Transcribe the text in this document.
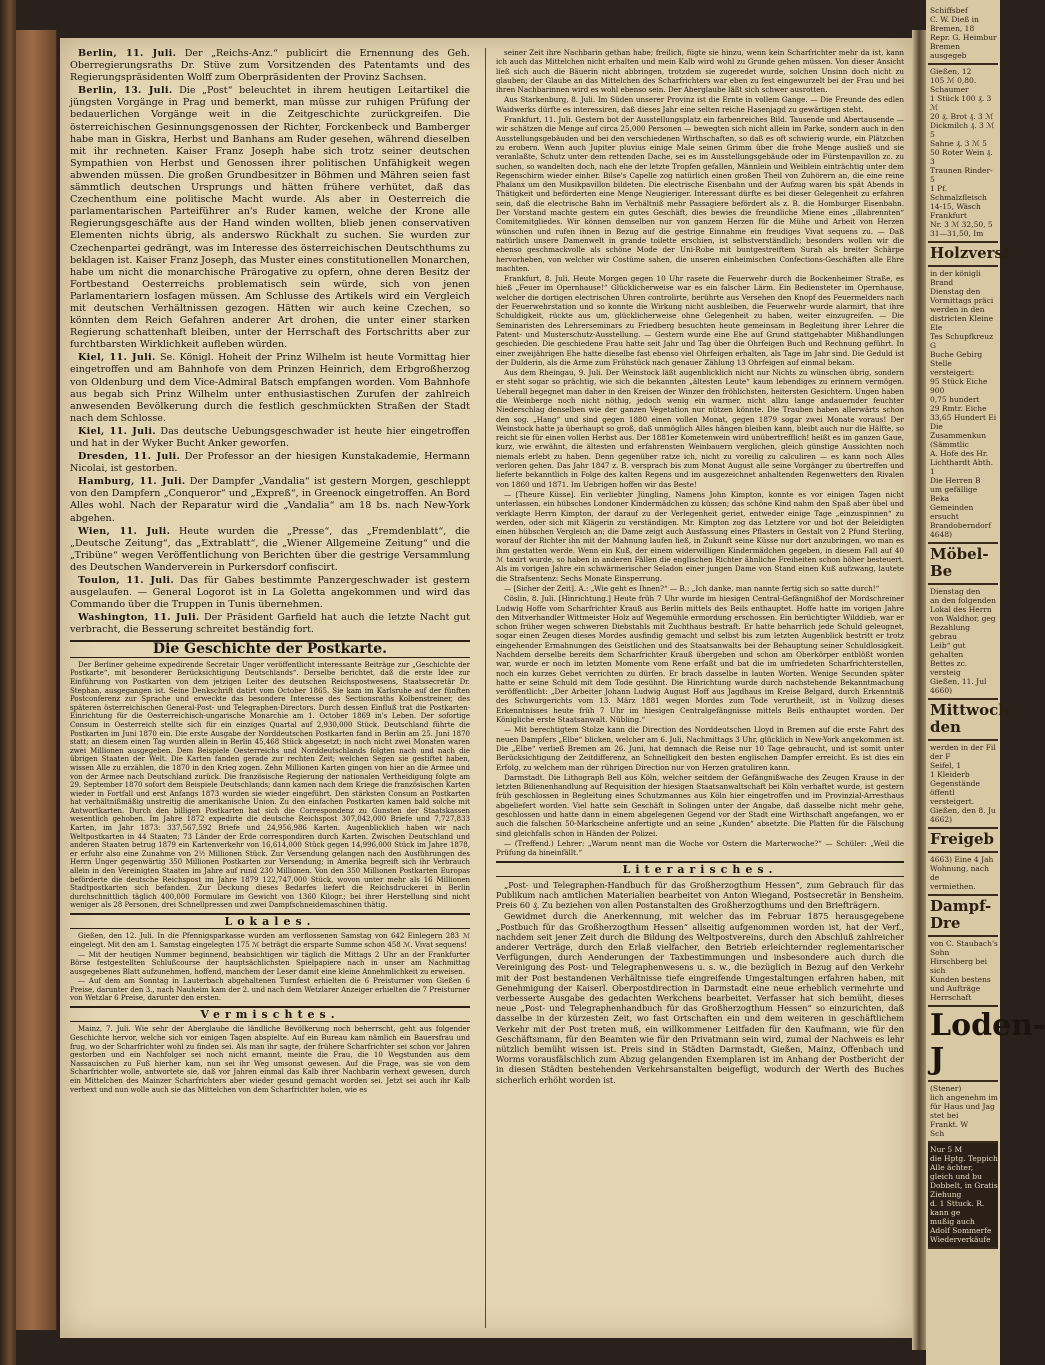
Berlin, 11. Juli. Der „Reichs-Anz.“ publicirt die Ernennung des Geh. Oberregierungsraths Dr. Stüve zum Vorsitzenden des Patentamts und des Regierungspräsidenten Wolff zum Oberpräsidenten der Provinz Sachsen.

Berlin, 13. Juli. Die „Post“ beleuchtet in ihrem heutigen Leitartikel die jüngsten Vorgänge in Prag und bemerkt, man müsse zur ruhigen Prüfung der bedauerlichen Vorgänge weit in die Zeitgeschichte zurückgreifen. Die österreichischen Gesinnungsgenossen der Richter, Forckenbeck und Bamberger habe man in Giskra, Herbst und Banhans am Ruder gesehen, während dieselben mit ihr rechneten. Kaiser Franz Joseph habe sich trotz seiner deutschen Sympathien von Herbst und Genossen ihrer politischen Unfähigkeit wegen abwenden müssen. Die großen Grundbesitzer in Böhmen und Mähren seien fast sämmtlich deutschen Ursprungs und hätten frühere verhütet, daß das Czechenthum eine politische Macht wurde. Als aber in Oesterreich die parlamentarischen Parteiführer an's Ruder kamen, welche der Krone alle Regierungsgeschäfte aus der Hand winden wollten, blieb jenen conservativen Elementen nichts übrig, als anderswo Rückhalt zu suchen. Sie wurden zur Czechenpartei gedrängt, was im Interesse des österreichischen Deutschthums zu beklagen ist. Kaiser Franz Joseph, das Muster eines constitutionellen Monarchen, habe um nicht die monarchische Prärogative zu opfern, ohne deren Besitz der Fortbestand Oesterreichs problematisch sein würde, sich von jenen Parlamentariern losfagen müssen. Am Schlusse des Artikels wird ein Vergleich mit deutschen Verhältnissen gezogen. Hätten wir auch keine Czechen, so könnten dem Reich Gefahren anderer Art drohen, die unter einer starken Regierung schattenhaft bleiben, unter der Herrschaft des Fortschritts aber zur furchtbarsten Wirklichkeit aufleben würden.

Kiel, 11. Juli. Se. Königl. Hoheit der Prinz Wilhelm ist heute Vormittag hier eingetroffen und am Bahnhofe von dem Prinzen Heinrich, dem Erbgroßherzog von Oldenburg und dem Vice-Admiral Batsch empfangen worden. Vom Bahnhofe aus begab sich Prinz Wilhelm unter enthusiastischen Zurufen der zahlreich anwesenden Bevölkerung durch die festlich geschmückten Straßen der Stadt nach dem Schlosse.

Kiel, 11. Juli. Das deutsche Uebungsgeschwader ist heute hier eingetroffen und hat in der Wyker Bucht Anker geworfen.

Dresden, 11. Juli. Der Professor an der hiesigen Kunstakademie, Hermann Nicolai, ist gestorben.

Hamburg, 11. Juli. Der Dampfer „Vandalia“ ist gestern Morgen, geschleppt von den Dampfern „Conqueror“ und „Expreß“, in Greenock eingetroffen. An Bord Alles wohl. Nach der Reparatur wird die „Vandalia“ am 18 bs. nach New-York abgehen.

Wien, 11. Juli. Heute wurden die „Presse“, das „Fremdenblatt“, die „Deutsche Zeitung“, das „Extrablatt“, die „Wiener Allgemeine Zeitung“ und die „Tribüne“ wegen Veröffentlichung von Berichten über die gestrige Versammlung des Deutschen Wanderverein in Purkersdorf confiscirt.

Toulon, 11. Juli. Das für Gabes bestimmte Panzergeschwader ist gestern ausgelaufen. — General Logorot ist in La Goletta angekommen und wird das Commando über die Truppen in Tunis übernehmen.

Washington, 11. Juli. Der Präsident Garfield hat auch die letzte Nacht gut verbracht, die Besserung schreitet beständig fort.

Die Geschichte der Postkarte.

Der Berliner geheime expedirende Secretair Unger veröffentlicht interessante Beiträge zur „Geschichte der Postkarte“, mit besonderer Berücksichtigung Deutschlands“. Derselbe berichtet, daß die erste Idee zur Einführung von Postkarten von dem jetzigen Leiter des deutschen Reichspostwesens, Staatssecretär Dr. Stephan, ausgegangen ist. Seine Denkschrift datirt vom October 1865. Sie kam im Karlsruhe auf der fünften Postconferenz zur Sprache und erweckte das besondere Interesse des Sectionsraths Kolbenstreiner, des späteren österreichischen General-Post- und Telegraphen-Directors. Durch dessen Einfluß trat die Postkarten-Einrichtung für die Oesterreichisch-ungarische Monarchie am 1. October 1869 in's Leben. Der sofortige Consum in Oesterreich stellte sich für ein einziges Quartal auf 2,930,000 Stück. Deutschland führte die Postkarten im Juni 1870 ein. Die erste Ausgabe der Norddeutschen Postkarten fand in Berlin am 25. Juni 1870 statt; an diesem einen Tag wurden allein in Berlin 45,468 Stück abgesetzt; in noch nicht zwei Monaten waren zwei Millionen ausgegeben. Dem Beispiele Oesterreichs und Norddeutschlands folgten nach und nach die übrigen Staaten der Welt. Die Karten fanden gerade zur rechten Zeit; welchen Segen sie gestiftet haben, wissen Alle zu erzählen, die 1870 in den Krieg zogen. Zehn Millionen Karten gingen von hier an die Armee und von der Armee nach Deutschland zurück. Die französische Regierung der nationalen Vertheidigung folgte am 29. September 1870 sofort dem Beispiele Deutschlands; dann kamen nach dem Kriege die französischen Karten wieder in Fortfall und erst Anfangs 1873 wurden sie wieder eingeführt. Den stärksten Consum an Postkarten hat verhältnißmäßig unstreitig die amerikanische Union. Zu den einfachen Postkarten kamen bald solche mit Antwortkarten. Durch den billigen Postkarten hat sich die Correspondenz zu Gunsten der Staatskassen wesentlich gehoben. Im Jahre 1872 expedirte die deutsche Reichspost 307,042,000 Briefe und 7,727,833 Karten, im Jahr 1873: 337,567,592 Briefe und 24,956,986 Karten. Augenblicklich haben wir nach Weltpostkarten in 44 Staaten; 73 Länder der Erde correspondiren durch Karten. Zwischen Deutschland und anderen Staaten betrug 1879 ein Kartenverkehr von 16,614,000 Stück gegen 14,996,000 Stück im Jahre 1878, er erfuhr also eine Zunahme von 2½ Millionen Stück. Zur Versendung gelangen nach den Ausführungen des Herrn Unger gegenwärtig 350 Millionen Postkarten zur Versendung; in Amerika begreift sich ihr Verbrauch allein in den Vereinigten Staaten im Jahre auf rund 230 Millionen. Von den 350 Millionen Postkarten Europas beförderte die deutsche Reichspost im Jahre 1879 122,747,000 Stück, wovon unter mehr als 16 Millionen Stadtpostkarten sich befanden. Zur Deckung dieses Bedarfes liefert die Reichsdruckerei in Berlin durchschnittlich täglich 400,000 Formulare im Gewicht von 1360 Kilogr.; bei ihrer Herstellung sind nicht weniger als 28 Personen, drei Schnellpressen und zwei Dampfschneidemaschinen thätig.

Lokales.

Gießen, den 12. Juli. In die Pfennigsparkasse wurden am verflossenen Samstag von 642 Einlegern 283 ℳ eingelegt. Mit den am 1. Samstag eingelegten 175 ℳ beträgt die ersparte Summe schon 458 ℳ. Vivat sequens!

— Mit der heutigen Nummer beginnend, beabsichtigen wir täglich die Mittags 2 Uhr an der Frankfurter Börse festgestellten Schlußcourse der hauptsächlichsten Spielpapiere nach in unser am Nachmittag ausgegebenes Blatt aufzunehmen, hoffend, manchem der Leser damit eine kleine Annehmlichkeit zu erweisen.

— Auf dem am Sonntag in Lauterbach abgehaltenen Turnfest erhielten die 6 Preisturner vom Gießen 6 Preise, darunter den 3., nach Nauheim kam der 2. und nach dem Wetzlarer Anzeiger erhielten die 7 Preisturner von Wetzlar 6 Preise, darunter den ersten.

Vermischtes.

Mainz, 7. Juli. Wie sehr der Aberglaube die ländliche Bevölkerung noch beherrscht, geht aus folgender Geschichte hervor, welche sich vor einigen Tagen abspielte. Auf ein Bureau kam nämlich ein Bauersfrau und frug, wo der Scharfrichter wohl zu finden sei. Als man ihr sagte, der frühere Scharfrichter sei schon vor Jahren gestorben und ein Nachfolger sei noch nicht ernannt, meinte die Frau, die 10 Wegstunden aus dem Nassauischen zu Fuß hierher kam, nun sei ihr Weg umsonst gewesen. Auf die Frage, was sie von dem Scharfrichter wolle, antwortete sie, daß vor Jahren einmal das Kalb ihrer Nachbarin verhext gewesen, durch ein Mittelchen des Mainzer Scharfrichters aber wieder gesund gemacht worden sei. Jetzt sei auch ihr Kalb verhext und nun wolle auch sie das Mittelchen von dem Scharfrichter holen, wie es

seiner Zeit ihre Nachbarin gethan habe; freilich, fügte sie hinzu, wenn kein Scharfrichter mehr da ist, kann ich auch das Mittelchen nicht erhalten und mein Kalb wird wohl zu Grunde gehen müssen. Von dieser Ansicht ließ sich auch die Bäuerin nicht abbringen, trotzdem sie zugeredet wurde, solchen Unsinn doch nicht zu glauben; der Glaube an das Mittelchen des Scharfrichters war eben zu fest eingewurzelt bei der Frau und bei ihren Nachbarinnen wird es wohl ebenso sein. Der Aberglaube läßt sich schwer ausrotten.

Aus Starkenburg, 8. Juli. Im Süden unserer Provinz ist die Ernte in vollem Gange. — Die Freunde des edlen Waidwerks dürfte es interessiren, daß dieses Jahr eine selten reiche Hasenjagd zu gewärtigen steht.

Frankfurt, 11. Juli. Gestern bot der Ausstellungsplatz ein farbenreiches Bild. Tausende und Abertausende — wir schätzen die Menge auf circa 25,000 Personen — bewegten sich nicht allein im Parke, sondern auch in den Ausstellungsgebäuden und bei den verschiedenen Wirthschaften, so daß es oft schwierig wurde, ein Plätzchen zu erobern. Wenn auch Jupiter pluvius einige Male seinen Grimm über die frohe Menge ausließ und sie veranlaßte, Schutz unter dem rettenden Dache, sei es im Ausstellungsgebäude oder im Fürstenpavillon zc. zu suchen, so wandelten doch, nach ehe der letzte Tropfen gefallen, Männlein und Weiblein einträchtig unter dem Regenschirm wieder einher. Bilse's Capelle zog natürlich einen großen Theil von Zuhörern an, die eine reine Phalanx um den Musikpavillon bildeten. Die electrische Eisenbahn und der Aufzug waren bis spät Abends in Thätigkeit und beförderten eine Menge Neugieriger. Interessant dürfte es bei dieser Gelegenheit zu erfahren sein, daß die electrische Bahn im Verhältniß mehr Passagiere befördert als z. B. die Homburger Eisenbahn. Der Vorstand machte gestern ein gutes Geschäft, dies bewies die freundliche Miene eines „illabrennten“ Comitemitgliedes. Wir können demselben nur von ganzem Herzen für die Mühe und Arbeit von Herzen wünschen und rufen ihnen in Bezug auf die gestrige Einnahme ein freudiges Vivat sequens zu. — Daß natürlich unsere Damenwelt in grande toilette erschien, ist selbstverständlich; besonders wollen wir die ebenso geschmackvolle als schöne Mode der Uni-Robe mit buntgestreiftem Surah als breiter Schärpe hervorheben, von welcher wir Costüme sahen, die unseren einheimischen Confections-Geschäften alle Ehre machten.

Frankfurt, 8. Juli. Heute Morgen gegen 10 Uhr rasete die Feuerwehr durch die Bockenheimer Straße, es hieß „Feuer im Opernhause!“ Glücklicherweise war es ein falscher Lärm. Ein Bediensteter im Opernhause, welcher die dortigen electrischen Uhren controlirte, berührte aus Versehen den Knopf des Feuermelders nach der Feuerwehrstation und so konnte die Wirkung nicht ausbleiben, die Feuerwehr wurde alarmirt, that ihre Schuldigkeit, rückte aus um, glücklicherweise ohne Gelegenheit zu haben, weiter einzugreifen. — Die Seminaristen des Lehrerseminars zu Friedberg besuchten heute gemeinsam in Begleitung ihrer Lehrer die Patent- und Musterschutz-Ausstellung. — Gestern wurde eine Ehe auf Grund stattgehabter Mißhandlungen geschieden. Die geschiedene Frau hatte seit Jahr und Tag über die Ohrfeigen Buch und Rechnung geführt. In einer zweijährigen Ehe hatte dieselbe fast ebenso viel Ohrfeigen erhalten, als Tage im Jahr sind. Die Geduld ist der Dulderin, als die Arme zum Frühstück nach genauer Zählung 13 Ohrfeigen auf einmal bekam.

Aus dem Rheingau, 9. Juli. Der Weinstock läßt augenblicklich nicht nur Nichts zu wünschen übrig, sondern er steht sogar so prächtig, wie sich die bekannten „ältesten Leute“ kaum lebendiges zu erinnern vermögen. Ueberall begegnet man daher in den Kreisen der Winzer den fröhlichsten, heitersten Gesichtern. Ungen haben die Weinberge noch nicht nöthig, jedoch wenig ein warmer, nicht allzu lange andauernder feuchter Niederschlag denselben wie der ganzen Vegetation nur nützen könnte. Die Trauben haben allerwärts schon den sog. „Hang“ und sind gegen 1880 einen vollen Monat, gegen 1879 sogar zwei Monate voraus! Der Weinstock hatte ja überhaupt so groß, daß unmöglich Alles hängen bleiben kann, bleibt auch nur die Hälfte, so reicht sie für einen vollen Herbst aus. Der 1881er Kometenwein wird unübertrefflich! heißt es im ganzen Gaue, kurz, wie erwähnt, die ältesten und erfahrensten Weinbauern verglichen, gleich günstige Aussichten noch niemals erlebt zu haben. Denn gegenüber ratze ich, nicht zu voreilig zu calculiren — es kann noch Alles verloren gehen. Das Jahr 1847 z. B. versprach bis zum Monat August alle seine Vorgänger zu übertreffen und lieferte bekanntlich in Folge des kalten Regens und im ausgezeichnet anhaltenden Regenwetters den Rivalen von 1860 und 1871. Im Uebrigen hoffen wir das Beste!

— [Theure Küsse]. Ein verliebter Jüngling, Namens John Kimpton, konnte es vor einigen Tagen nicht unterlassen, ein hübsches Londoner Kindermädchen zu küssen; das schöne Kind nahm den Spaß aber übel und verklagte Herrn Kimpton, der darauf zu der Verlegenheit geriet, entweder einige Tage „einzuspinnen“ zu werden, oder sich mit Klägerin zu verständigen. Mr. Kimpton zog das Letztere vor und bot der Beleidigten einen hübschen Vergleich an; die Dame zeigt auch Ausfassung eines Pflasters in Gestalt von 2 Pfund Sterling, worauf der Richter ihn mit der Mahnung laufen ließ, in Zukunft seine Küsse nur dort anzubringen, wo man es ihm gestatten werde. Wenn ein Kuß, der einem widerwilligen Kindermädchen gegeben, in diesem Fall auf 40 ℳ taxirt wurde, so haben in anderen Fällen die englischen Richter ähnliche Freiheiten schon höher besteuert. Als im vorigen Jahre ein schwärmerischer Seladon einer jungen Dame von Stand einen Kuß aufzwang, lautete die Strafsentenz: Sechs Monate Einsperrung.

— [Sicher der Zeit]. A.: „Wie geht es Ihnen?“ — B.: „Ich danke, man nannte fertig sich so satte durch!“

Cöslin, 8. Juli. [Hinrichtung.] Heute früh 7 Uhr wurde im hiesigen Central-Gefängnißhof der Mordschreiner Ludwig Hoffe vom Scharfrichter Krauß aus Berlin mittels des Beils enthauptet. Hoffe hatte im vorigen Jahre den Mitverhandler Wittmeister Holz auf Wegemühle ermordung erschossen. Ein berüchtigter Wilddieb, war er schon früher wegen schweren Diebstahls mit Zuchthaus bestraft. Er hatte beharrlich jede Schuld geleugnet, sogar einen Zeugen dieses Mordes ausfindig gemacht und selbst bis zum letzten Augenblick bestritt er trotz eingehender Ermahnungen des Geistlichen und des Staatsanwalts bei der Behauptung seiner Schuldlosigkeit. Nachdem derselbe bereits dem Scharfrichter Krauß übergeben und schon am Oberkörper entblößt worden war, wurde er noch im letzten Momente vom Rene erfaßt und bat die im umfriedeten Scharfrichterstellen, noch ein kurzes Gebet verrichten zu dürfen. Er brach dasselbe in lauten Worten. Wenige Secunden später hatte er seine Schuld mit dem Tode gesühnt. Die Hinrichtung wurde durch nachstehende Bekanntmachung veröffentlicht: „Der Arbeiter Johann Ludwig August Hoff aus Jagdhaus im Kreise Belgard, durch Erkenntniß des Schwurgerichts vom 13. März 1881 wegen Mordes zum Tode verurtheilt, ist in Vollzug dieses Erkenntnisses heute früh 7 Uhr im hiesigen Centralgefängnisse mittels Beils enthauptet worden. Der Königliche erste Staatsanwalt. Nübling.“

— Mit berechtigtem Stolze kann die Direction des Norddeutschen Lloyd in Bremen auf die erste Fahrt des neuen Dampfers „Elbe“ blicken, welcher am 6. Juli, Nachmittags 3 Uhr, glücklich in New-York angekommen ist. Die „Elbe“ verließ Bremen am 26. Juni, hat demnach die Reise nur 10 Tage gebraucht, und ist somit unter Berücksichtigung der Zeitdifferenz, an Schnelligkeit den besten englischen Dampfer erreicht. Es ist dies ein Erfolg, zu welchem man der rührigen Direction nur von Herzen gratuliren kann.

Darmstadt. Die Lithograph Bell aus Köln, welcher seitdem der Gefängnißwache des Zeugen Krause in der letzten Bilienenhandlung auf Requisition der hiesigen Staatsanwaltschaft bei Köln verhaftet wurde, ist gestern früh geschlossen in Begleitung eines Schutzmannes aus Köln hier eingetroffen und im Provinzial-Arresthaus abgeliefert worden. Viel hatte sein Geschäft in Solingen unter der Angabe, daß dasselbe nicht mehr gehe, geschlossen und hatte dann in einem abgelegenen Gegend vor der Stadt eine Wirthschaft angefangen, wo er auch die falschen 50-Markscheine anfertigte und an seine „Kunden“ absetzte. Die Platten für die Fälschung sind gleichfalls schon in Händen der Polizei.

— (Treffend.) Lehrer: „Warum nennt man die Woche vor Ostern die Marterwoche?“ — Schüler: „Weil die Prüfung da hineinfällt.“

Literarisches.

„Post- und Telegraphen-Handbuch für das Großherzogthum Hessen“, zum Gebrauch für das Publikum nach amtlichen Materialien bearbeitet von Anton Wiegand, Postsecretär in Bensheim. Preis 60 ₰. Zu beziehen von allen Postanstalten des Großherzogthums und den Briefträgern.

Gewidmet durch die Anerkennung, mit welcher das im Februar 1875 herausgegebene „Postbuch für das Großherzogthum Hessen“ allseitig aufgenommen worden ist, hat der Verf., nachdem seit jener Zeit durch die Bildung des Weltpostvereins, durch den Abschluß zahlreicher anderer Verträge, durch den Erlaß vielfacher, den Betrieb erleichternder reglementarischer Verfügungen, durch Aenderungen der Taxbestimmungen und insbesondere auch durch die Vereinigung des Post- und Telegraphenwesens u. s. w., die bezüglich in Bezug auf den Verkehr mit der Post bestandenen Verhältnisse tiefe eingreifende Umgestaltungen erfahren haben, mit Genehmigung der Kaiserl. Oberpostdirection in Darmstadt eine neue erheblich vermehrte und verbesserte Ausgabe des gedachten Werkchens bearbeitet. Verfasser hat sich bemüht, dieses neue „Post- und Telegraphenhandbuch für das Großherzogthum Hessen“ so einzurichten, daß dasselbe in der kürzesten Zeit, wo fast Ortschaften ein und dem weiteren in geschäftlichem Verkehr mit der Post treten muß, ein willkommener Leitfaden für den Kaufmann, wie für den Geschäftsmann, für den Beamten wie für den Privatmann sein wird, zumal der Nachweis es lehr nützlich bemüht wissen ist. Preis sind in Städten Darmstadt, Gießen, Mainz, Offenbach und Worms vorausfälschlich zum Abzug gelangenden Exemplaren ist im Anhang der Postbericht der in diesen Städten bestehenden Verkehrsanstalten beigefügt, wodurch der Werth des Buches sicherlich erhöht worden ist.

Schiffsbef
C. W. Dieß in
Bremen, 18
Repr. G. Heimbur
Bremen ausgegeb
Gießen, 12
105 ℳ 0,80. Schaumer
1 Stück 100 ₰. 3 ℳ
20 ₰. Brot ₰. 3 ℳ
Dickmilch ₰. 3 ℳ 5
Sahne ₰. 3 ℳ 5
50 Roter Wein ₰. 3
Traunen Rinder- 5
1 Pf. Schmalzfleisch
14-15, Wäsch
Frankfurt
Nr. 3 ℳ 32,50, 5
31—31,50, Im
Holzverst
in der königli
Brand
Dienstag den
Vormittags präci
werden in den
districten Kleine Ele
Tes Schupfkreuz G
Buche Gebirg
Stelle versteigert:
95 Stück Eiche
900
0,75 hundert
29 Rmtr. Eiche
33,65 Hundert Ei
Die Zusammenkun
(Sämmtlic
A. Hofe des Hr.
Lichthardt Abth. 1
Die Herren B
um gefällige Beka
Gemeinden ersucht
Brandoberndorf
4648)
Möbel-Be
Dienstag den
an den folgenden
Lokal des Herrn
von Waldhor, geg
Bezahlung gebrau
Leib“ gut gehalten
Bettes zc. versteig
Gießen, 11. Jul
4660)
Mittwoch den
werden in der Fil
der F
Seifel, 1
1 Kleiderb
Gegenstände öffentl
versteigert.
Gießen, den 8. Ju
4662)
Freigeb
4663) Eine 4 Jah
Wohnung, nach de
vermiethen.
Dampf-Dre
von C. Staubach's Sohn
Hirschberg bei sich
Kunden bestens
und Aufträge
Herrschaft
Loden-J
(Stener)
lich angenehm im
für Haus und Jag
stet bei
Frankt. W
Sch
Nur 5 M
die Hptg. Teppich
Alle ächter, gleich und bu
Dobbelt, in Gratis Ziehung
d. 1 Sttuck. R.
kann ge
mußig auch
Adolf Sommerfe
Wiederverkäufe
